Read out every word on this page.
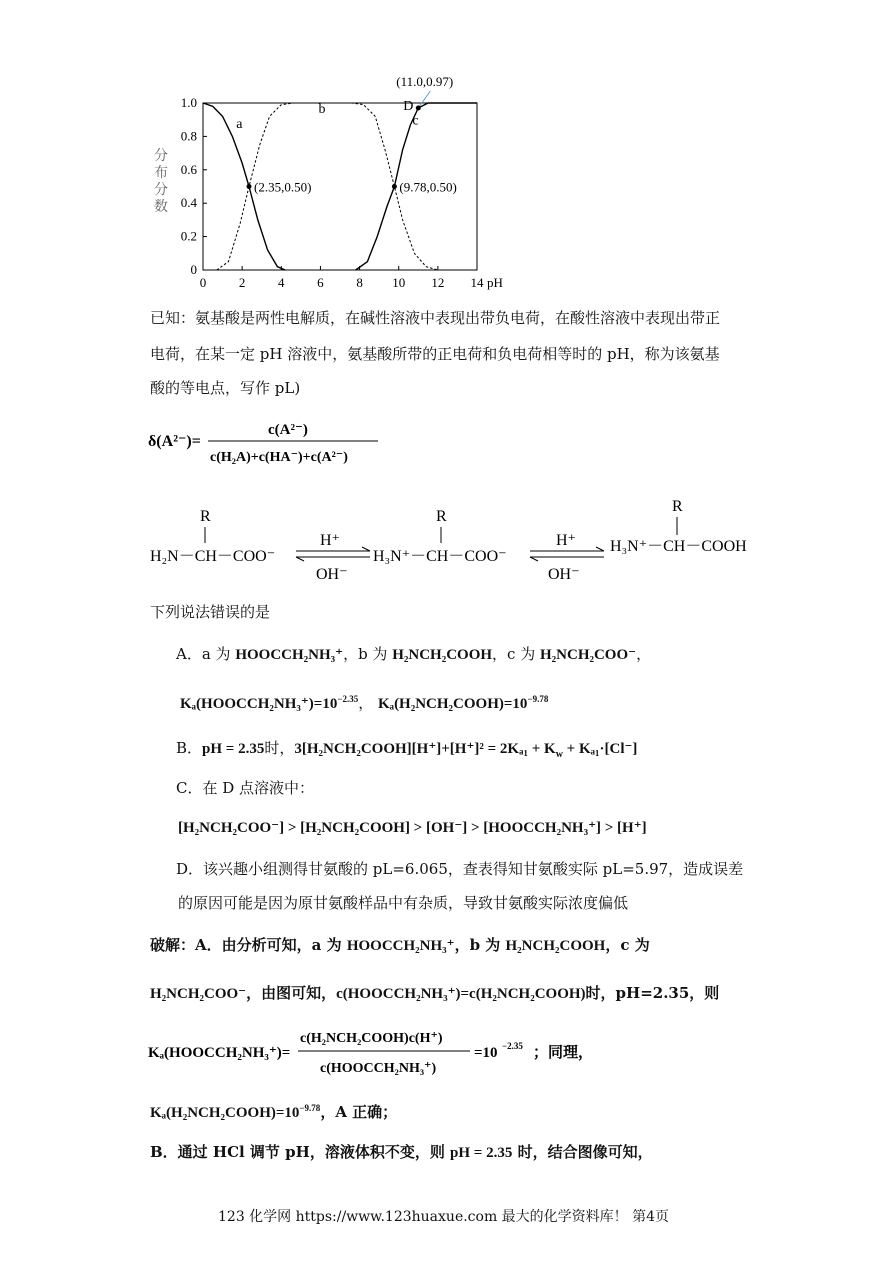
a
b
c
(2.35,0.50)	(9.78,0.50)
(11.0,0.97)
D
0	2	4	6	8 10 12 14
0
0.2
0.4
0.6
0.8
1.0
pH
分
布
分
数
已知：氨基酸是两性电解质，在碱性溶液中表现出带负电荷，在酸性溶液中表现出带正
电荷，在某一定 pH 溶液中，氨基酸所带的正电荷和负电荷相等时的 pH，称为该氨基
酸的等电点，写作 pL)
δ(A²⁻)=
c(A²⁻)
c(H₂A)+c(HA⁻)+c(A²⁻)
R
H₂N－CH－COO⁻
H⁺
OH⁻
R
H₃N⁺－CH－COO⁻
H⁺
OH⁻
R
H₃N⁺－CH－COOH
下列说法错误的是
A．a 为 HOOCCH₂NH₃⁺，b 为 H₂NCH₂COOH，c 为 H₂NCH₂COO⁻，
$K_a(HOOCCH_2NH_3^+)=10^{-2.35}$， $K_a(H_2NCH_2COOH)=10^{-9.78}$
B．pH = 2.35时，3[H₂NCH₂COOH][H⁺]+[H⁺]² = $2K_{a1} + K_w + K_{a1}\cdot[Cl^-]$
C．在 D 点溶液中：
[H₂NCH₂COO⁻] > [H₂NCH₂COOH] > [OH⁻] > [HOOCCH₂NH₃⁺] > [H⁺]
D．该兴趣小组测得甘氨酸的 pL=6.065，查表得知甘氨酸实际 pL=5.97，造成误差
的原因可能是因为原甘氨酸样品中有杂质，导致甘氨酸实际浓度偏低
破解：A．由分析可知，a 为 HOOCCH₂NH₃⁺，b 为 H₂NCH₂COOH，c 为
H₂NCH₂COO⁻，由图可知，c(HOOCCH₂NH₃⁺)=c(H₂NCH₂COOH)时，pH=2.35，则
Kₐ(HOOCCH₂NH₃⁺)=
c(H₂NCH₂COOH)c(H⁺)
c(HOOCCH₂NH₃⁺)
=10 −2.35 ；同理，
$K_a(H_2NCH_2COOH)=10^{-9.78}$，A 正确；
B．通过 HCl 调节 pH，溶液体积不变，则 pH = 2.35 时，结合图像可知，
123 化学网 https://www.123huaxue.com 最大的化学资料库！ 第4页
